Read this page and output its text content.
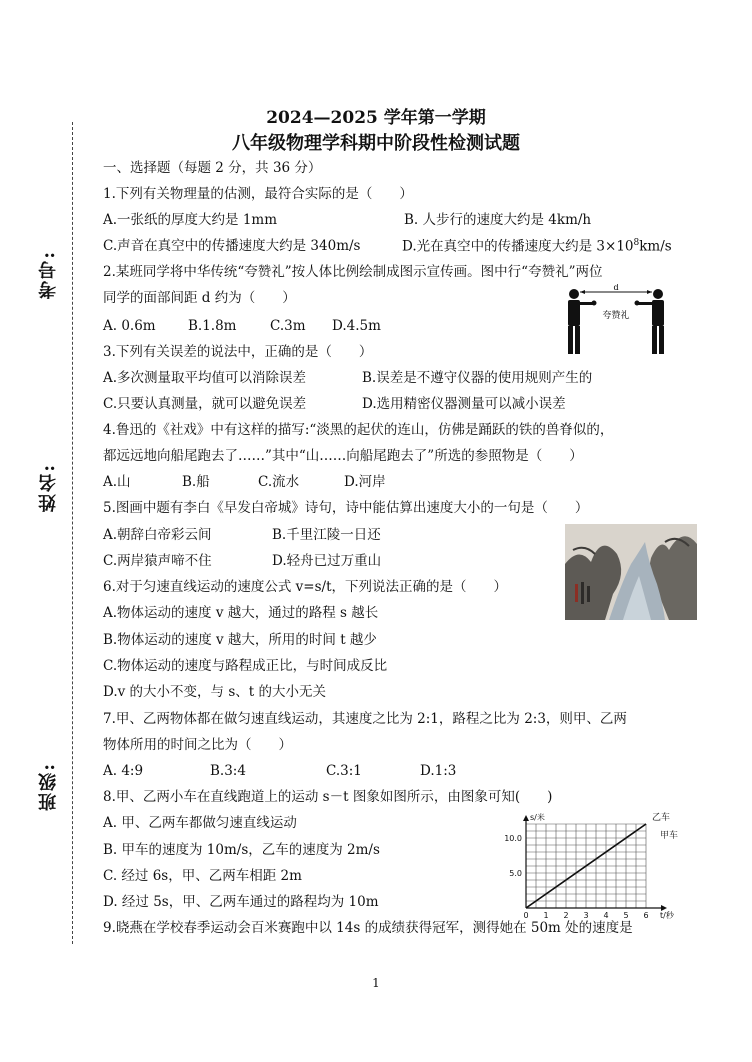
2024—2025 学年第一学期
八年级物理学科期中阶段性检测试题
考号:
姓名:
班级:
一、选择题（每题 2 分，共 36 分）
1.下列有关物理量的估测，最符合实际的是（　　）
A.一张纸的厚度大约是 1mm	B. 人步行的速度大约是 4km/h
C.声音在真空中的传播速度大约是 340m/s	D.光在真空中的传播速度大约是 $3\times 10^8km/s$
2.某班同学将中华传统“夸赞礼”按人体比例绘制成图示宣传画。图中行“夸赞礼”两位
同学的面部间距 d 约为（　　）
A. 0.6m B.1.8m C.3m D.4.5m
d
夸赞礼
3.下列有关误差的说法中，正确的是（　　）
A.多次测量取平均值可以消除误差	B.误差是不遵守仪器的使用规则产生的
C.只要认真测量，就可以避免误差	D.选用精密仪器测量可以减小误差
4.鲁迅的《社戏》中有这样的描写:“淡黑的起伏的连山，仿佛是踊跃的铁的兽脊似的，
都远远地向船尾跑去了……”其中“山……向船尾跑去了”所选的参照物是（　　）
A.山	B.船	C.流水	D.河岸
5.图画中题有李白《早发白帝城》诗句，诗中能估算出速度大小的一句是（　　）
A.朝辞白帝彩云间	B.千里江陵一日还
C.两岸猿声啼不住	D.轻舟已过万重山
6.对于匀速直线运动的速度公式 v=s/t，下列说法正确的是（　　）
A.物体运动的速度 v 越大，通过的路程 s 越长
B.物体运动的速度 v 越大，所用的时间 t 越少
C.物体运动的速度与路程成正比，与时间成反比
D.v 的大小不变，与 s、t 的大小无关
7.甲、乙两物体都在做匀速直线运动，其速度之比为 2:1，路程之比为 2:3，则甲、乙两
物体所用的时间之比为（　　）
A. 4:9	B.3:4	C.3:1	D.1:3
8.甲、乙两小车在直线跑道上的运动 s－t 图象如图所示，由图象可知(　　)
A. 甲、乙两车都做匀速直线运动
B. 甲车的速度为 10m/s，乙车的速度为 2m/s
C. 经过 6s，甲、乙两车相距 2m
D. 经过 5s，甲、乙两车通过的路程均为 10m
0 1 2 3 4 5 6
5.0
10.0
s/米
t/秒
乙车
甲车
9.晓燕在学校春季运动会百米赛跑中以 14s 的成绩获得冠军，测得她在 50m 处的速度是
1
